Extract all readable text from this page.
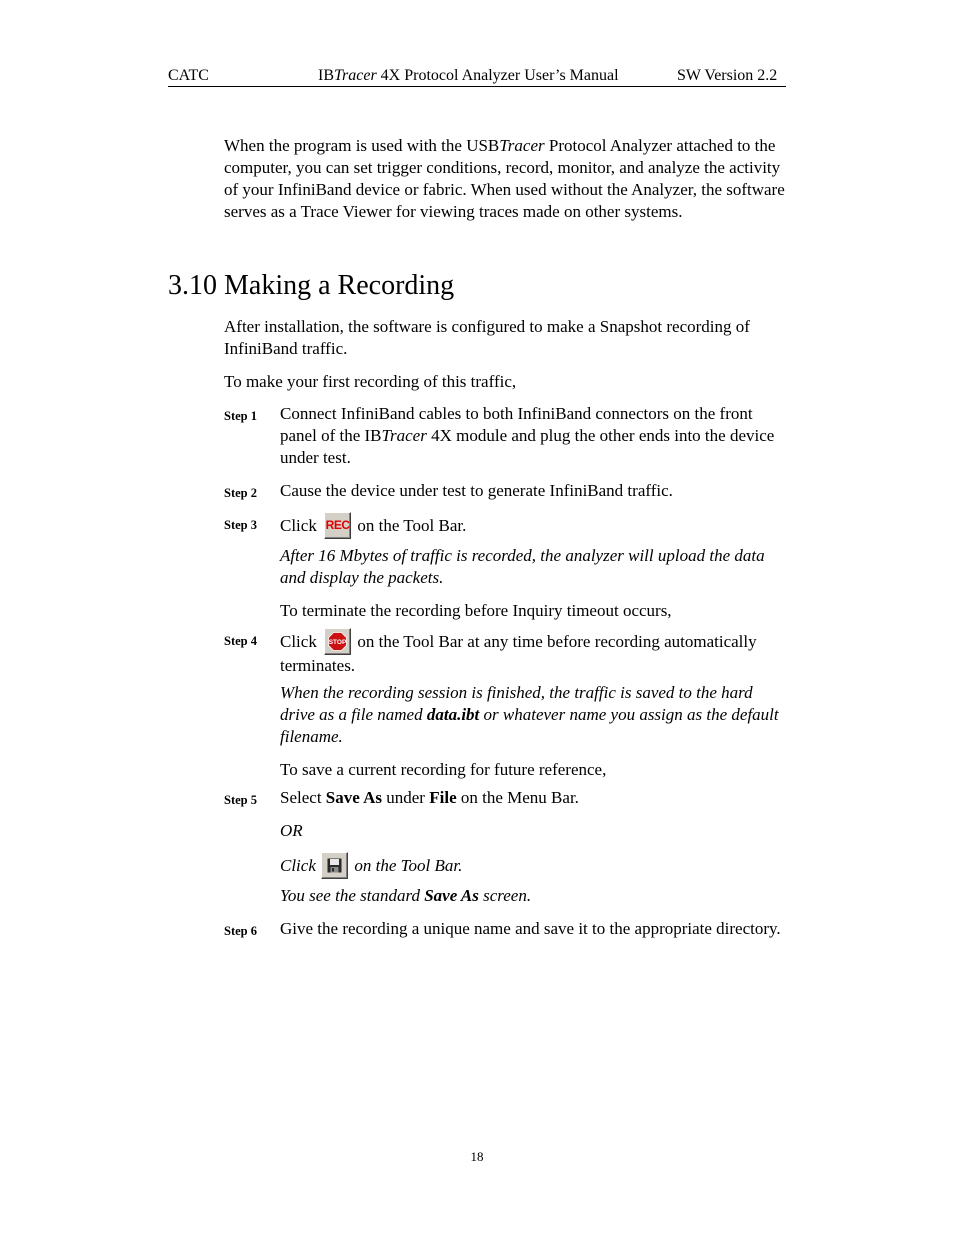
CATC	IBTracer 4X Protocol Analyzer User’s Manual	SW Version 2.2
When the program is used with the USBTracer Protocol Analyzer attached to the computer, you can set trigger conditions, record, monitor, and analyze the activity of your InfiniBand device or fabric. When used without the Analyzer, the software serves as a Trace Viewer for viewing traces made on other systems.
3.10 Making a Recording
After installation, the software is configured to make a Snapshot recording of InfiniBand traffic.
To make your first recording of this traffic,
Step 1 Connect InfiniBand cables to both InfiniBand connectors on the front panel of the IBTracer 4X module and plug the other ends into the device under test.
Step 2 Cause the device under test to generate InfiniBand traffic.
Step 3 Click REC on the Tool Bar.
After 16 Mbytes of traffic is recorded, the analyzer will upload the data and display the packets.
To terminate the recording before Inquiry timeout occurs,
Step 4 Click STOP on the Tool Bar at any time before recording automatically terminates.
When the recording session is finished, the traffic is saved to the hard drive as a file named data.ibt or whatever name you assign as the default filename.
To save a current recording for future reference,
Step 5 Select Save As under File on the Menu Bar.
OR
Click on the Tool Bar.
You see the standard Save As screen.
Step 6 Give the recording a unique name and save it to the appropriate directory.
18
